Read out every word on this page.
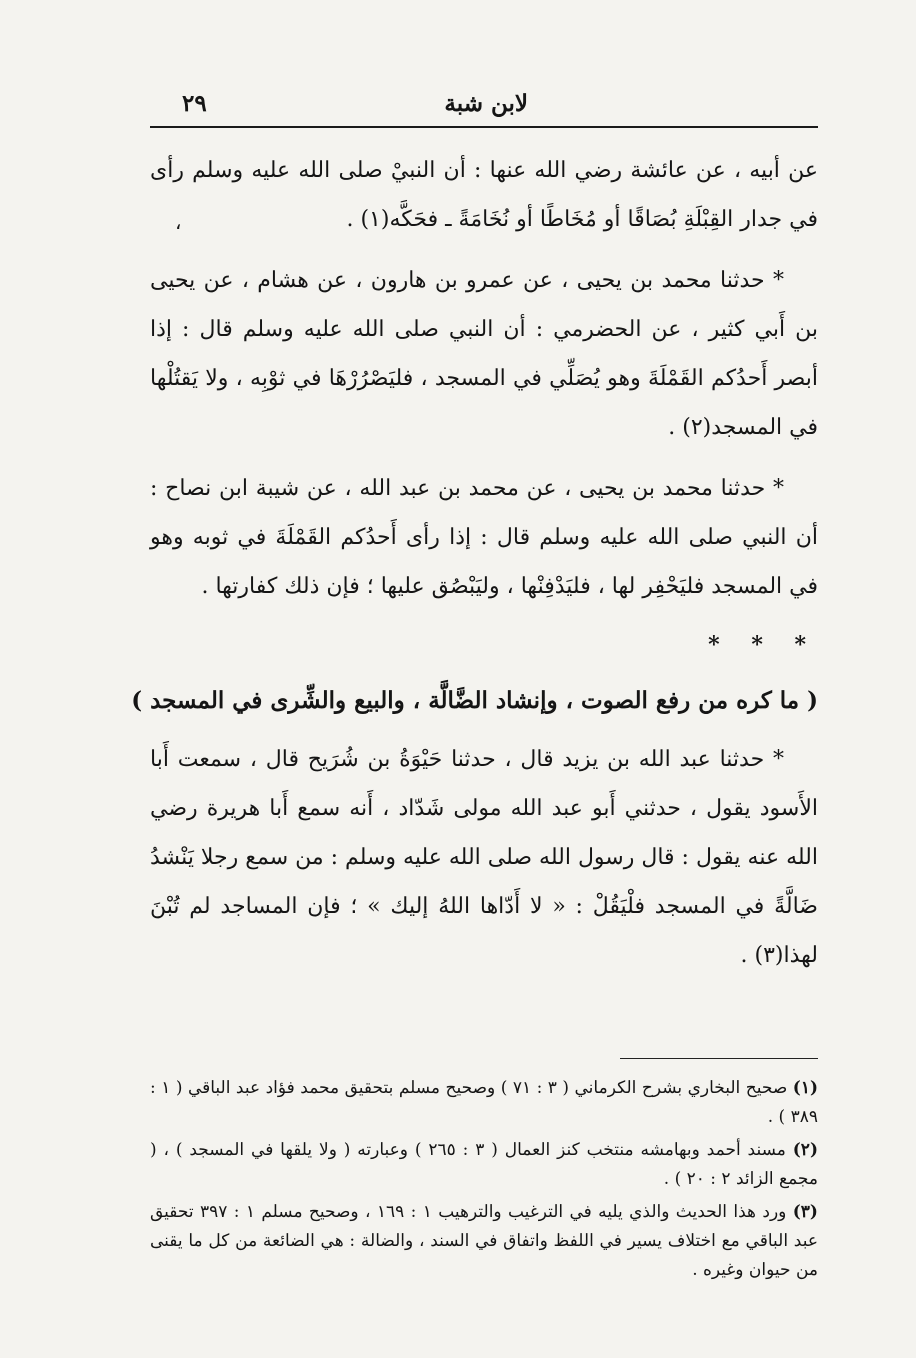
لابن شبة
٢٩
،

عن أبيه ، عن عائشة رضي الله عنها : أن النبيْ صلى الله عليه وسلم رأى في جدار القِبْلَةِ بُصَاقًا أو مُخَاطًا أو نُخَامَةً ـ فحَكَّه(١) .

* حدثنا محمد بن يحيى ، عن عمرو بن هارون ، عن هشام ، عن يحيى بن أَبي كثير ، عن الحضرمي : أن النبي صلى الله عليه وسلم قال : إذا أبصر أَحدُكم القَمْلَةَ وهو يُصَلِّي في المسجد ، فليَصْرُرْهَا في ثوْبِه ، ولا يَقتُلْها في المسجد(٢) .

* حدثنا محمد بن يحيى ، عن محمد بن عبد الله ، عن شيبة ابن نصاح : أن النبي صلى الله عليه وسلم قال : إذا رأى أَحدُكم القَمْلَةَ في ثوبه وهو في المسجد فليَحْفِر لها ، فليَدْفِنْها ، وليَبْصُق عليها ؛ فإن ذلك كفارتها .

* * *
( ما كره من رفع الصوت ، وإنشاد الضَّالَّة ، والبيع والشِّرى في المسجد )

* حدثنا عبد الله بن يزيد قال ، حدثنا حَيْوَةُ بن شُرَيح قال ، سمعت أَبا الأَسود يقول ، حدثني أَبو عبد الله مولى شَدّاد ، أَنه سمع أَبا هريرة رضي الله عنه يقول : قال رسول الله صلى الله عليه وسلم : من سمع رجلا يَنْشدُ ضَالَّةً في المسجد فلْيَقُلْ : « لا أَدّاها اللهُ إليك » ؛ فإن المساجد لم تُبْنَ لهذا(٣) .

(١) صحيح البخاري بشرح الكرماني ( ٣ : ٧١ ) وصحيح مسلم بتحقيق محمد فؤاد عبد الباقي ( ١ : ٣٨٩ ) .

(٢) مسند أحمد وبهامشه منتخب كنز العمال ( ٣ : ٢٦٥ ) وعبارته ( ولا يلقها في المسجد ) ، ( مجمع الزائد ٢ : ٢٠ ) .

(٣) ورد هذا الحديث والذي يليه في الترغيب والترهيب ١ : ١٦٩ ، وصحيح مسلم ١ : ٣٩٧ تحقيق عبد الباقي مع اختلاف يسير في اللفظ واتفاق في السند ، والضالة : هي الضائعة من كل ما يقنى من حيوان وغيره .
